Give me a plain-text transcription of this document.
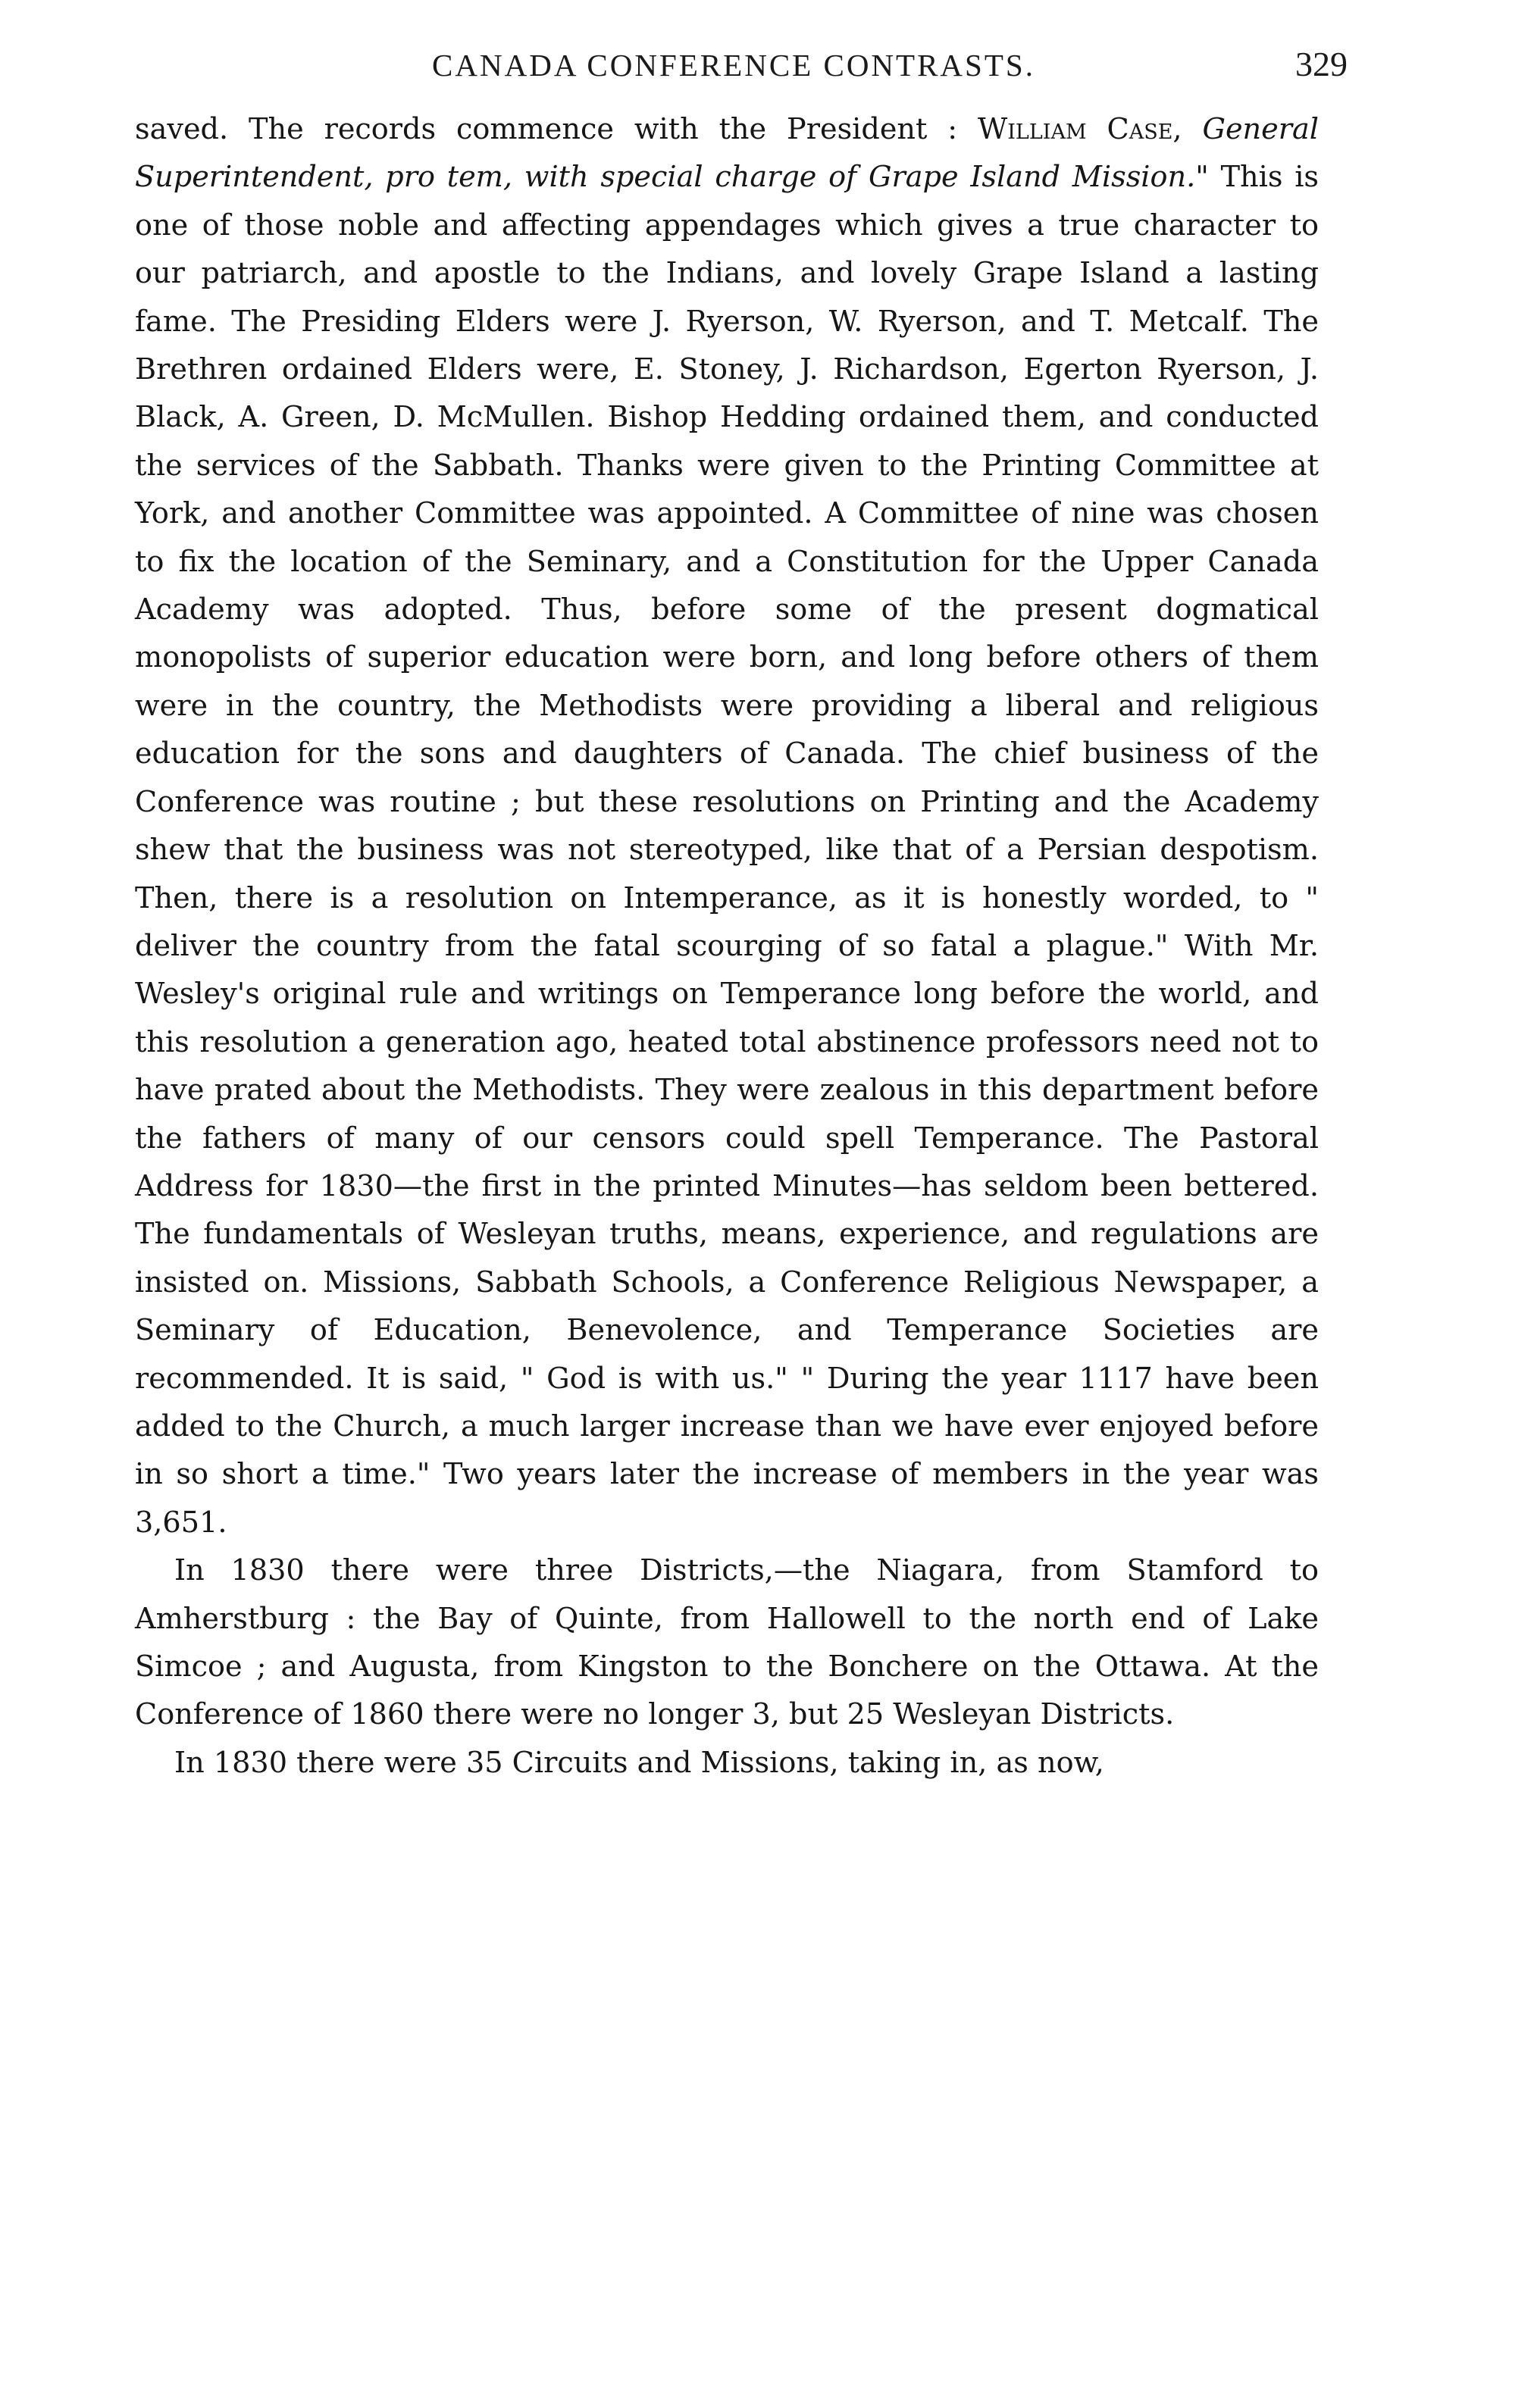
CANADA CONFERENCE CONTRASTS.	329

saved. The records commence with the President : William Case, General Superintendent, pro tem, with special charge of Grape Island Mission." This is one of those noble and affecting appendages which gives a true character to our patriarch, and apostle to the Indians, and lovely Grape Island a lasting fame. The Presiding Elders were J. Ryerson, W. Ryerson, and T. Metcalf. The Brethren ordained Elders were, E. Stoney, J. Richardson, Egerton Ryerson, J. Black, A. Green, D. McMullen. Bishop Hedding ordained them, and conducted the services of the Sabbath. Thanks were given to the Printing Committee at York, and another Committee was appointed. A Committee of nine was chosen to fix the location of the Seminary, and a Constitution for the Upper Canada Academy was adopted. Thus, before some of the present dogmatical monopolists of superior education were born, and long before others of them were in the country, the Methodists were providing a liberal and religious education for the sons and daughters of Canada. The chief business of the Conference was routine ; but these resolutions on Printing and the Academy shew that the business was not stereotyped, like that of a Persian despotism. Then, there is a resolution on Intemperance, as it is honestly worded, to " deliver the country from the fatal scourging of so fatal a plague." With Mr. Wesley's original rule and writings on Temperance long before the world, and this resolution a generation ago, heated total abstinence professors need not to have prated about the Methodists. They were zealous in this department before the fathers of many of our censors could spell Temperance. The Pastoral Address for 1830—the first in the printed Minutes—has seldom been bettered. The fundamentals of Wesleyan truths, means, experience, and regulations are insisted on. Missions, Sabbath Schools, a Conference Religious Newspaper, a Seminary of Education, Benevolence, and Temperance Societies are recommended. It is said, " God is with us." " During the year 1117 have been added to the Church, a much larger increase than we have ever enjoyed before in so short a time." Two years later the increase of members in the year was 3,651.

In 1830 there were three Districts,—the Niagara, from Stamford to Amherstburg : the Bay of Quinte, from Hallowell to the north end of Lake Simcoe ; and Augusta, from Kingston to the Bonchere on the Ottawa. At the Conference of 1860 there were no longer 3, but 25 Wesleyan Districts.

In 1830 there were 35 Circuits and Missions, taking in, as now,
